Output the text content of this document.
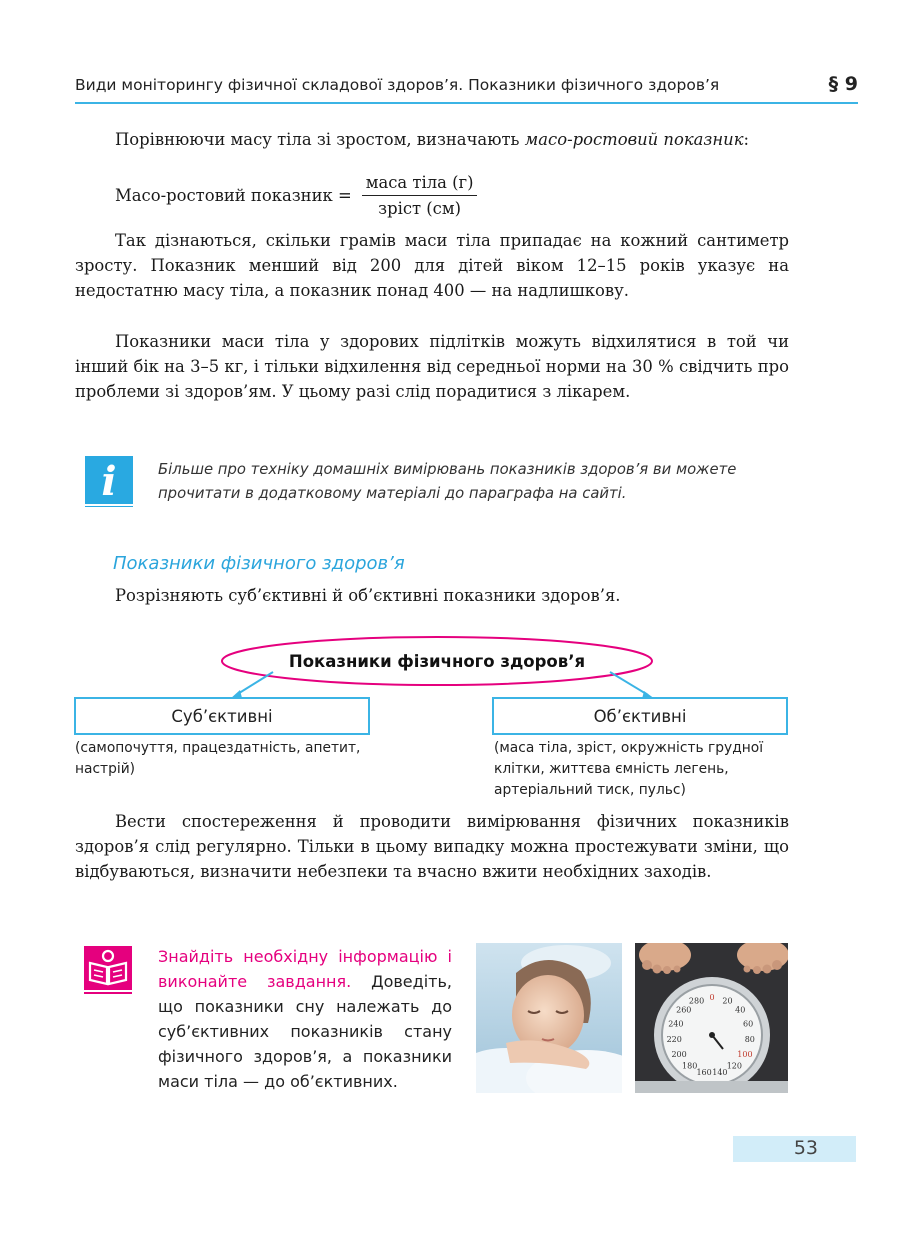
Види моніторингу фізичної складової здоров’я. Показники фізичного здоров’я	§ 9
Порівнюючи масу тіла зі зростом, визначають масо-ростовий показник:
Масо-ростовий показник = $\frac{\text{маса тіла (г)}}{\text{зріст (см)}}$
Так дізнаються, скільки грамів маси тіла припадає на кожний сантиметр зросту. Показник менший від 200 для дітей віком 12–15 років указує на недостатню масу тіла, а показник понад 400 — на надлишкову.
Показники маси тіла у здорових підлітків можуть відхилятися в той чи інший бік на 3–5 кг, і тільки відхилення від середньої норми на 30 % свідчить про проблеми зі здоров’ям. У цьому разі слід порадитися з лікарем.
i	Більше про техніку домашніх вимірювань показників здоров’я ви можете прочитати в додатковому матеріалі до параграфа на сайті.
Показники фізичного здоров’я
Розрізняють суб’єктивні й об’єктивні показники здоров’я.
Показники фізичного здоров’я
Суб’єктивні	Об’єктивні
(самопочуття, працездатність, апетит, настрій)
(маса тіла, зріст, окружність грудної клітки, життєва ємність легень, артеріальний тиск, пульс)
Вести спостереження й проводити вимірювання фізичних показників здоров’я слід регулярно. Тільки в цьому випадку можна простежувати зміни, що відбуваються, визначити небезпеки та вчасно вжити необхідних заходів.
Знайдіть необхідну інформацію і виконайте завдання. Доведіть, що показники сну належать до суб’єктивних показників стану фізичного здоров’я, а показники маси тіла — до об’єктивних.
0 20
40
60
80
100
120
140
160
180
200
220
240
260
280
53
